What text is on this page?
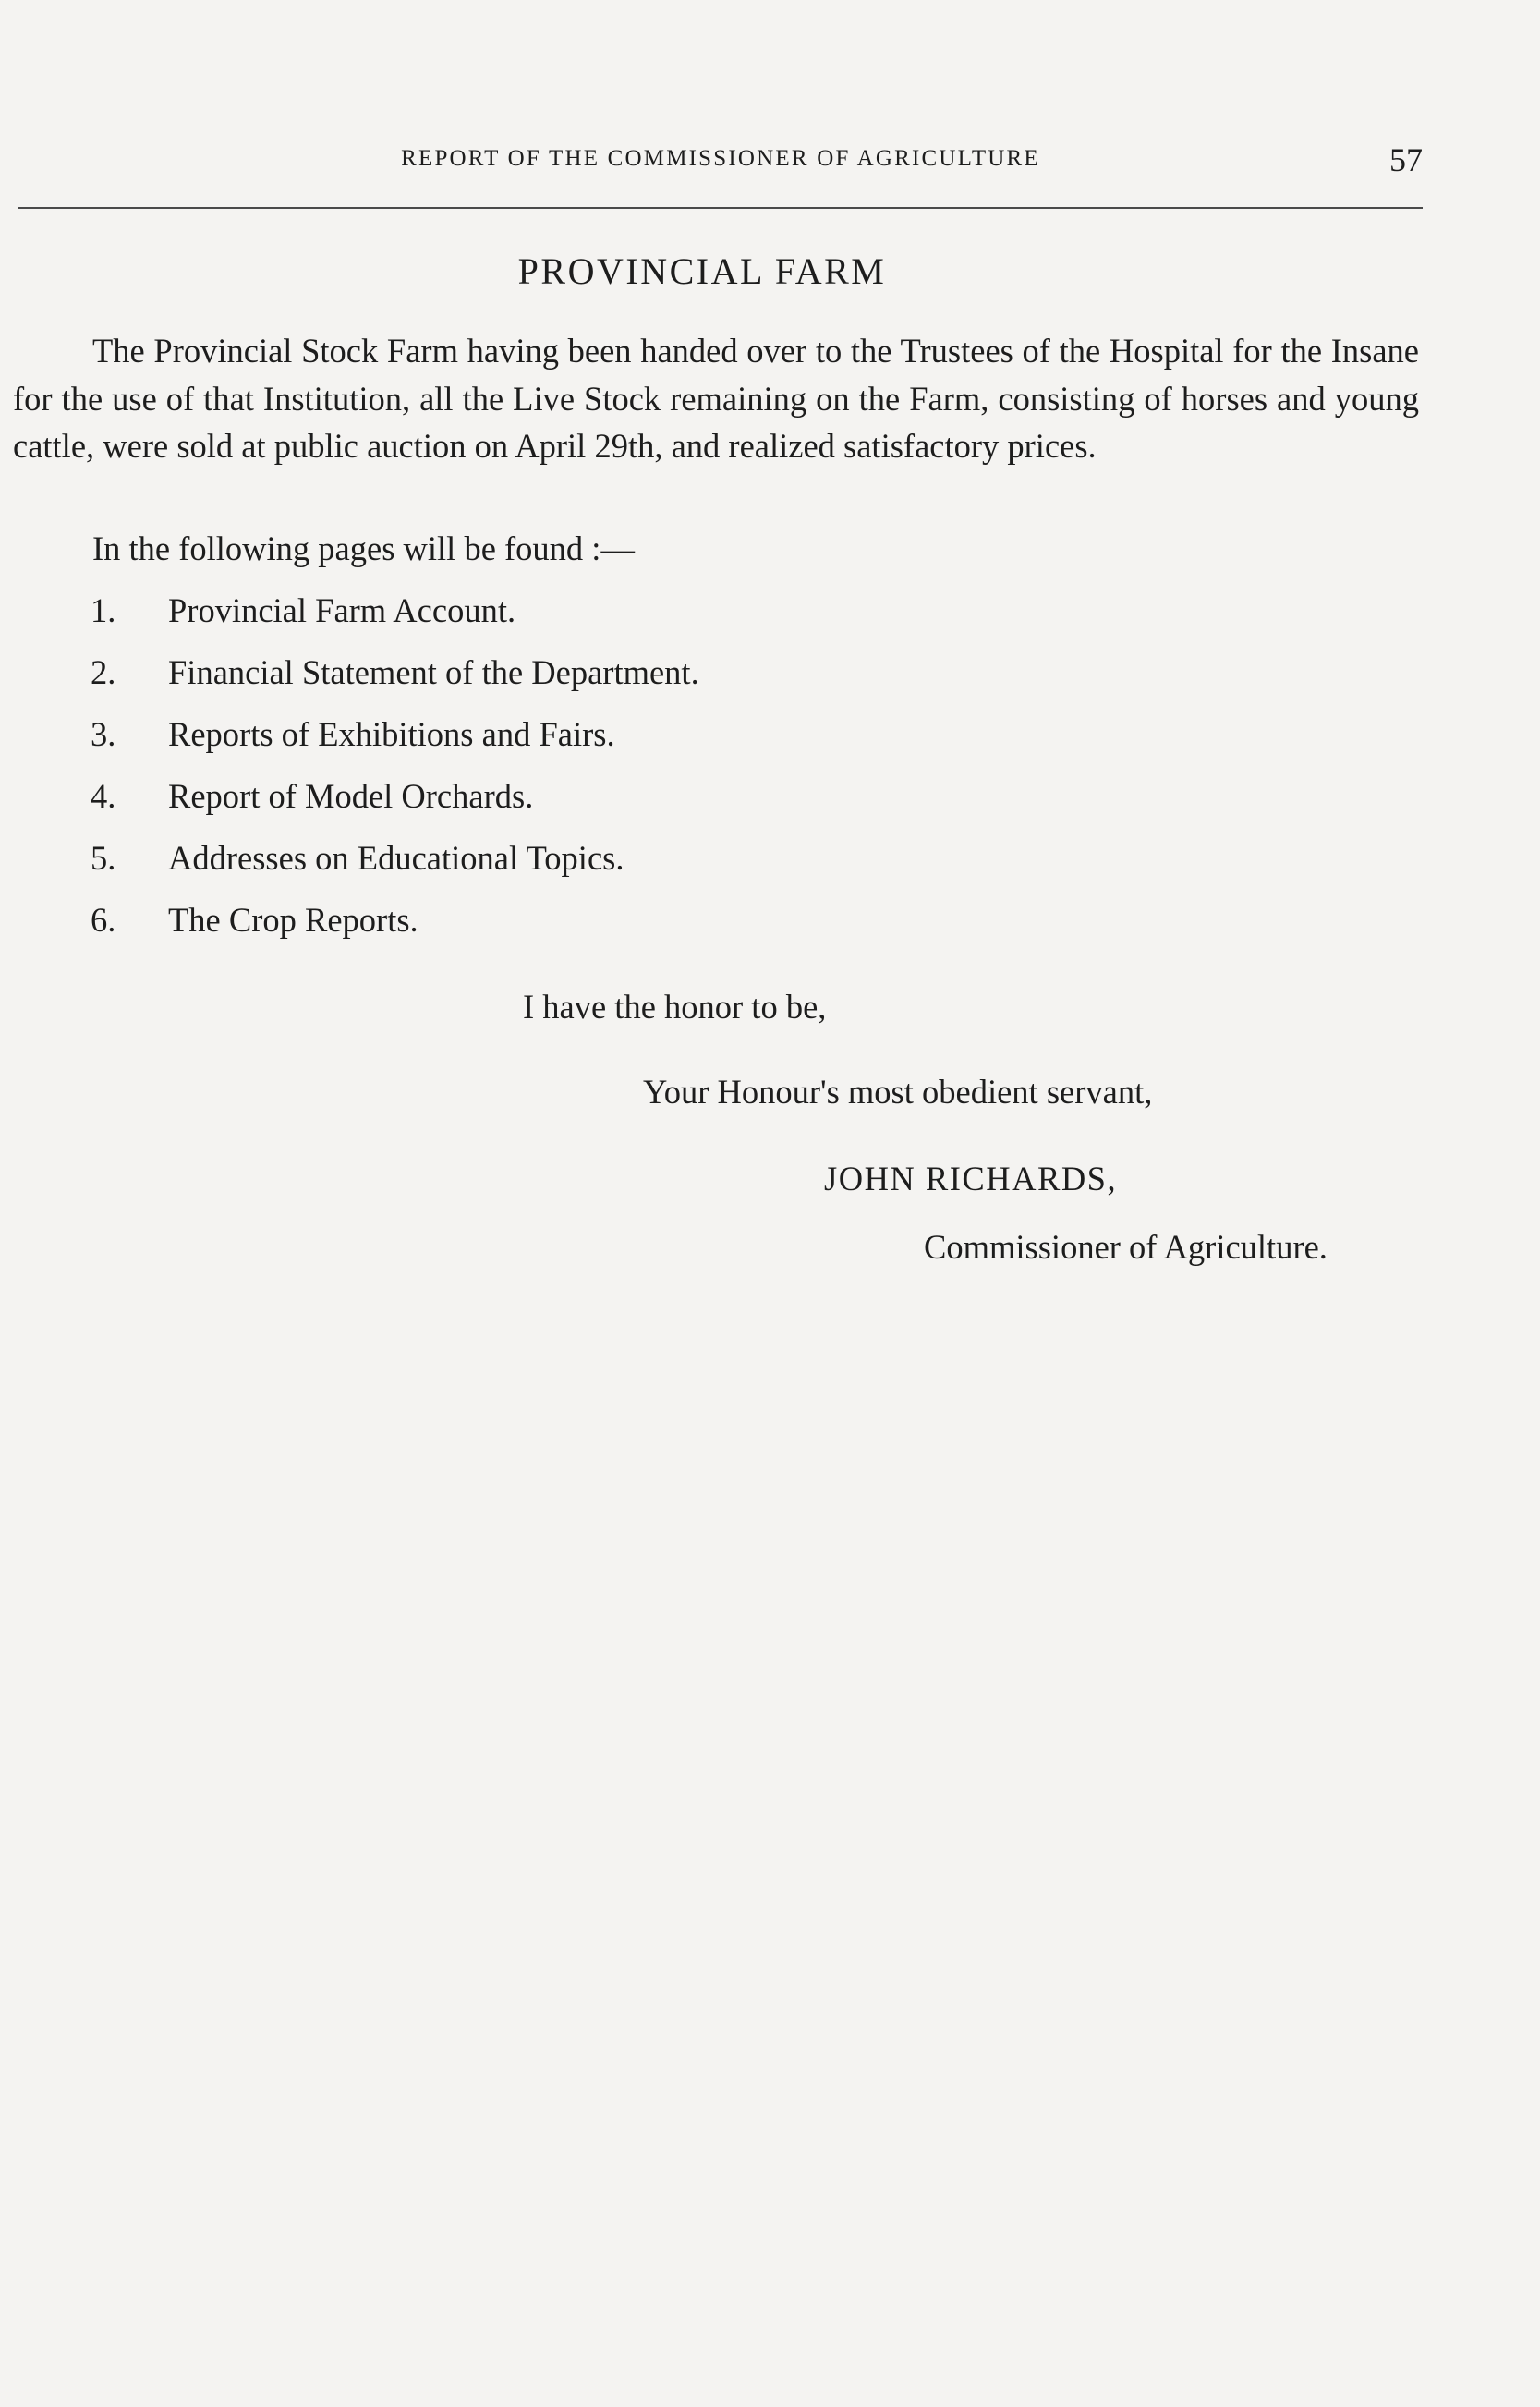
REPORT OF THE COMMISSIONER OF AGRICULTURE	57
PROVINCIAL FARM

The Provincial Stock Farm having been handed over to the Trustees of the Hospital for the Insane for the use of that Institution, all the Live Stock remaining on the Farm, consisting of horses and young cattle, were sold at public auction on April 29th, and realized satisfactory prices.

In the following pages will be found :—
1.	Provincial Farm Account.
2.	Financial Statement of the Department.
3.	Reports of Exhibitions and Fairs.
4.	Report of Model Orchards.
5.	Addresses on Educational Topics.
6.	The Crop Reports.
I have the honor to be,
Your Honour's most obedient servant,
JOHN RICHARDS,
Commissioner of Agriculture.
